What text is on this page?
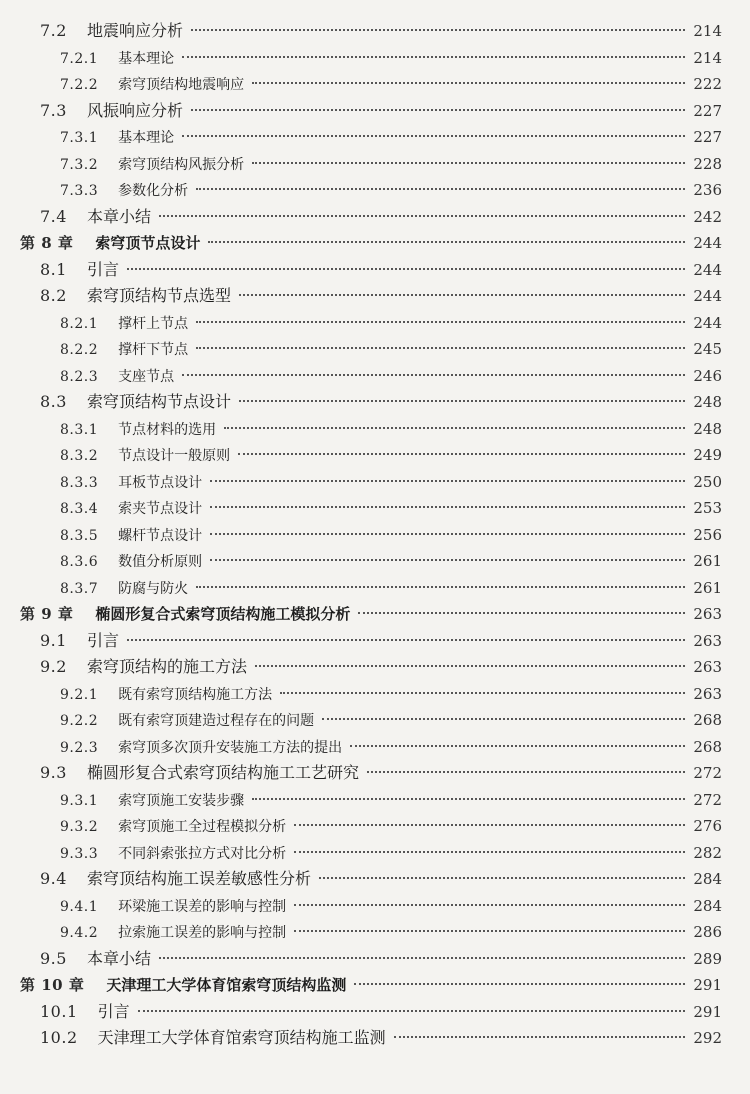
7.2 地震响应分析	214
7.2.1 基本理论	214
7.2.2 索穹顶结构地震响应	222
7.3 风振响应分析	227
7.3.1 基本理论	227
7.3.2 索穹顶结构风振分析	228
7.3.3 参数化分析	236
7.4 本章小结	242
第 8 章 索穹顶节点设计	244
8.1 引言	244
8.2 索穹顶结构节点选型	244
8.2.1 撑杆上节点	244
8.2.2 撑杆下节点	245
8.2.3 支座节点	246
8.3 索穹顶结构节点设计	248
8.3.1 节点材料的选用	248
8.3.2 节点设计一般原则	249
8.3.3 耳板节点设计	250
8.3.4 索夹节点设计	253
8.3.5 螺杆节点设计	256
8.3.6 数值分析原则	261
8.3.7 防腐与防火	261
第 9 章 椭圆形复合式索穹顶结构施工模拟分析	263
9.1 引言	263
9.2 索穹顶结构的施工方法	263
9.2.1 既有索穹顶结构施工方法	263
9.2.2 既有索穹顶建造过程存在的问题	268
9.2.3 索穹顶多次顶升安装施工方法的提出	268
9.3 椭圆形复合式索穹顶结构施工工艺研究	272
9.3.1 索穹顶施工安装步骤	272
9.3.2 索穹顶施工全过程模拟分析	276
9.3.3 不同斜索张拉方式对比分析	282
9.4 索穹顶结构施工误差敏感性分析	284
9.4.1 环梁施工误差的影响与控制	284
9.4.2 拉索施工误差的影响与控制	286
9.5 本章小结	289
第 10 章 天津理工大学体育馆索穹顶结构监测	291
10.1 引言	291
10.2 天津理工大学体育馆索穹顶结构施工监测	292
